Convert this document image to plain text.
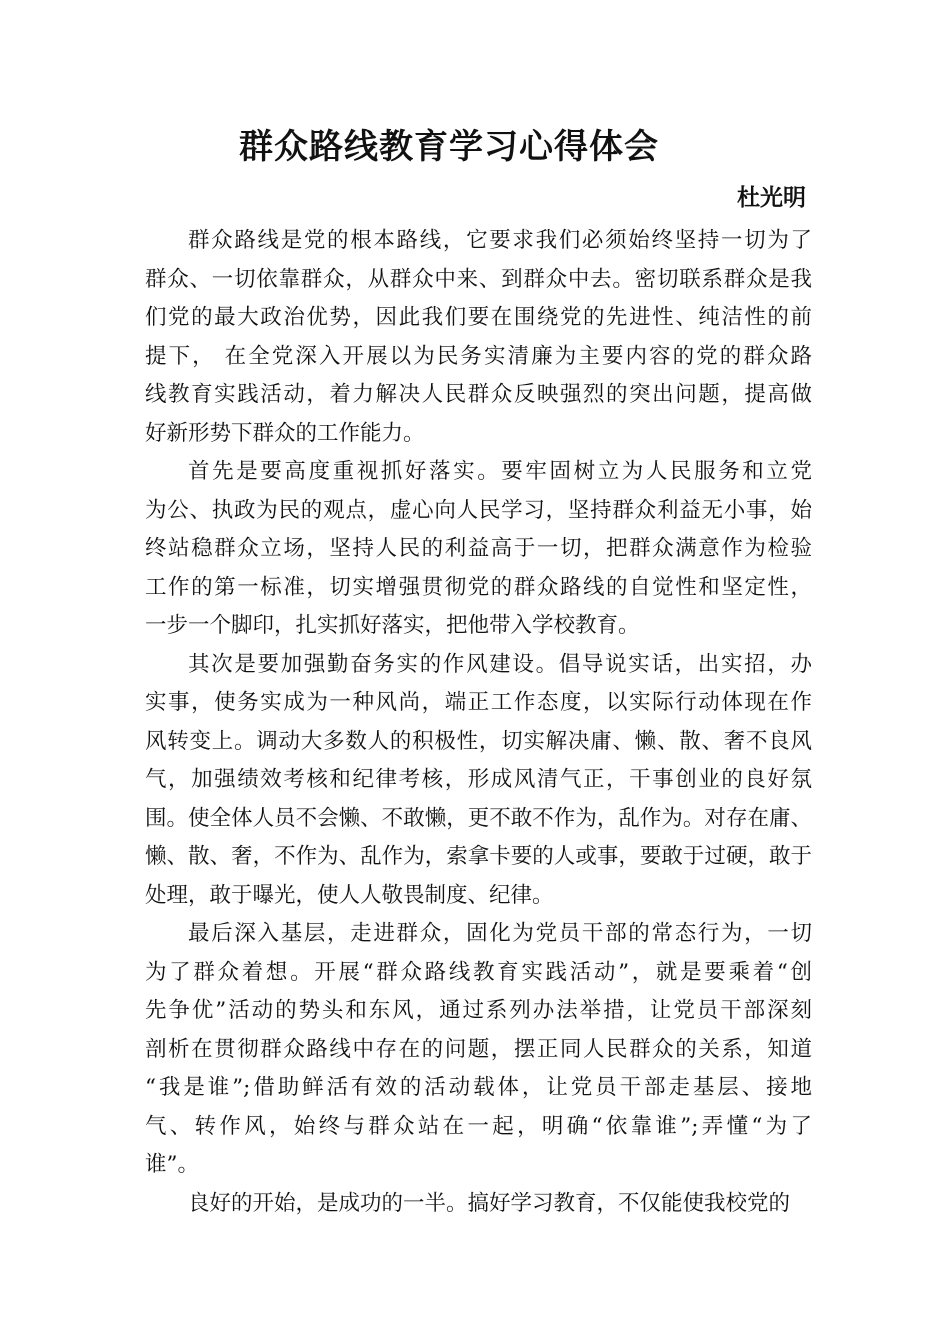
群众路线教育学习心得体会
杜光明

群众路线是党的根本路线，它要求我们必须始终坚持一切为了
群众、一切依靠群众，从群众中来、到群众中去。密切联系群众是我
们党的最大政治优势，因此我们要在围绕党的先进性、纯洁性的前
提下， 在全党深入开展以为民务实清廉为主要内容的党的群众路
线教育实践活动，着力解决人民群众反映强烈的突出问题，提高做
好新形势下群众的工作能力。

首先是要高度重视抓好落实。要牢固树立为人民服务和立党
为公、执政为民的观点，虚心向人民学习，坚持群众利益无小事，始
终站稳群众立场，坚持人民的利益高于一切，把群众满意作为检验
工作的第一标准，切实增强贯彻党的群众路线的自觉性和坚定性，
一步一个脚印，扎实抓好落实，把他带入学校教育。

其次是要加强勤奋务实的作风建设。倡导说实话，出实招，办
实事，使务实成为一种风尚，端正工作态度，以实际行动体现在作
风转变上。调动大多数人的积极性，切实解决庸、懒、散、奢不良风
气，加强绩效考核和纪律考核，形成风清气正，干事创业的良好氛
围。使全体人员不会懒、不敢懒，更不敢不作为，乱作为。对存在庸、
懒、散、奢，不作为、乱作为，索拿卡要的人或事，要敢于过硬，敢于
处理，敢于曝光，使人人敬畏制度、纪律。

最后深入基层，走进群众，固化为党员干部的常态行为，一切
为了群众着想。开展“群众路线教育实践活动”，就是要乘着“创
先争优”活动的势头和东风，通过系列办法举措，让党员干部深刻
剖析在贯彻群众路线中存在的问题，摆正同人民群众的关系，知道
“我是谁”;借助鲜活有效的活动载体，让党员干部走基层、接地
气、转作风，始终与群众站在一起，明确“依靠谁”;弄懂“为了
谁”。

良好的开始，是成功的一半。搞好学习教育，不仅能使我校党的
